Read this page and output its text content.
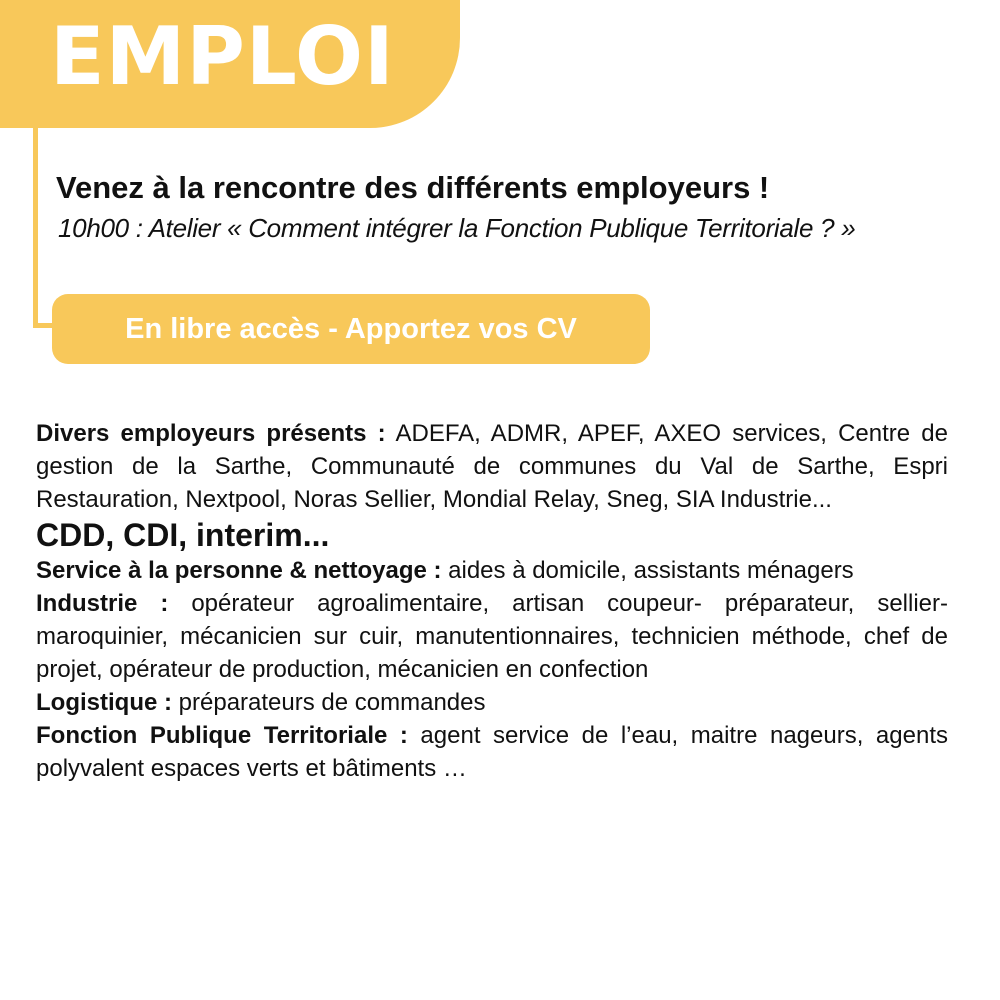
EMPLOI
Venez à la rencontre des différents employeurs !
10h00 : Atelier « Comment intégrer la Fonction Publique Territoriale ? »
En libre accès - Apportez vos CV

Divers employeurs présents : ADEFA, ADMR, APEF, AXEO services, Centre de gestion de la Sarthe, Communauté de communes du Val de Sarthe, Espri Restauration, Nextpool, Noras Sellier, Mondial Relay, Sneg, SIA Industrie...

CDD, CDI, interim...

Service à la personne & nettoyage : aides à domicile, assistants ménagers

Industrie : opérateur agroalimentaire, artisan coupeur- préparateur, sellier-maroquinier, mécanicien sur cuir, manutentionnaires, technicien méthode, chef de projet, opérateur de production, mécanicien en confection

Logistique : préparateurs de commandes

Fonction Publique Territoriale : agent service de l’eau, maitre nageurs, agents polyvalent espaces verts et bâtiments …
